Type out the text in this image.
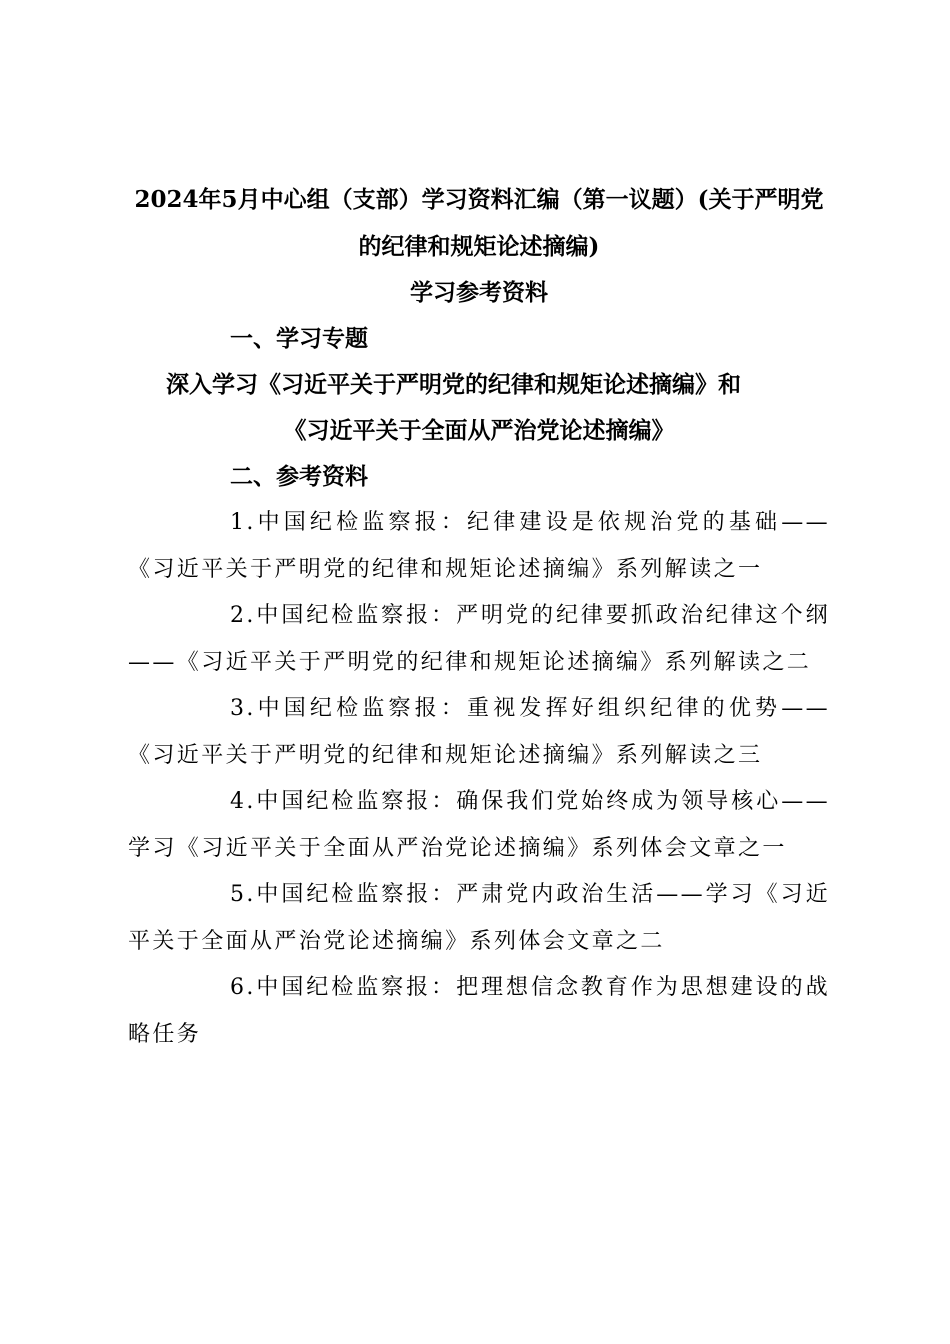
2024年5月中心组（支部）学习资料汇编（第一议题）(关于严明党的纪律和规矩论述摘编)

学习参考资料

一、学习专题

深入学习《习近平关于严明党的纪律和规矩论述摘编》和

《习近平关于全面从严治党论述摘编》

二、参考资料

1.中国纪检监察报：纪律建设是依规治党的基础——《习近平关于严明党的纪律和规矩论述摘编》系列解读之一

2.中国纪检监察报：严明党的纪律要抓政治纪律这个纲——《习近平关于严明党的纪律和规矩论述摘编》系列解读之二

3.中国纪检监察报：重视发挥好组织纪律的优势——《习近平关于严明党的纪律和规矩论述摘编》系列解读之三

4.中国纪检监察报：确保我们党始终成为领导核心——学习《习近平关于全面从严治党论述摘编》系列体会文章之一

5.中国纪检监察报：严肃党内政治生活——学习《习近平关于全面从严治党论述摘编》系列体会文章之二

6.中国纪检监察报：把理想信念教育作为思想建设的战略任务
